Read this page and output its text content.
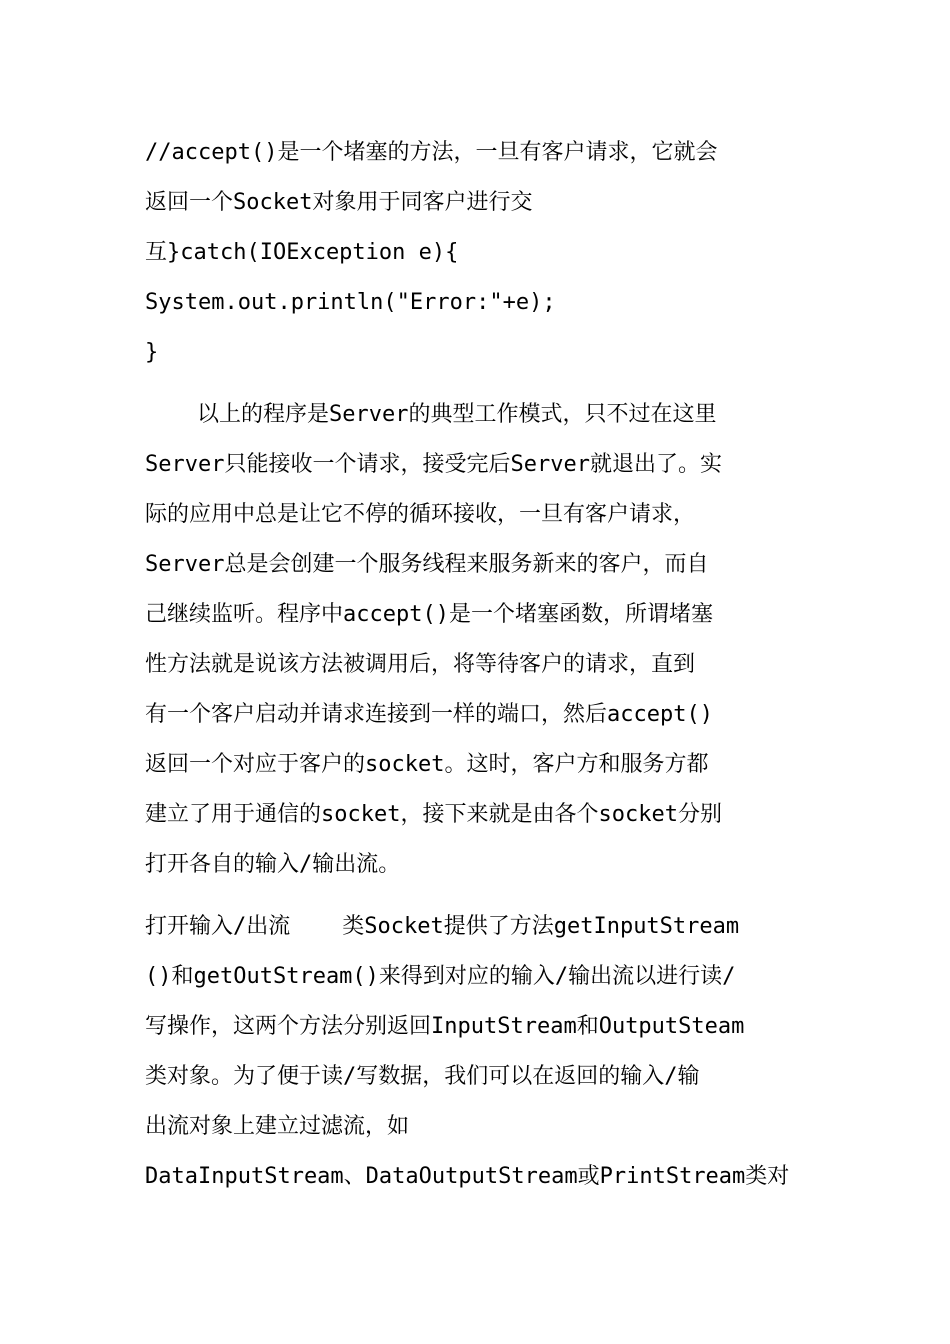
//accept()是一个堵塞的方法，一旦有客户请求，它就会
返回一个Socket对象用于同客户进行交
互}catch(IOException e){
System.out.println("Error:"+e);
}
以上的程序是Server的典型工作模式，只不过在这里
Server只能接收一个请求，接受完后Server就退出了。实
际的应用中总是让它不停的循环接收，一旦有客户请求，
Server总是会创建一个服务线程来服务新来的客户，而自
己继续监听。程序中accept()是一个堵塞函数，所谓堵塞
性方法就是说该方法被调用后，将等待客户的请求，直到
有一个客户启动并请求连接到一样的端口，然后accept()
返回一个对应于客户的socket。这时，客户方和服务方都
建立了用于通信的socket，接下来就是由各个socket分别
打开各自的输入/输出流。
打开输入/出流 类Socket提供了方法getInputStream
()和getOutStream()来得到对应的输入/输出流以进行读/
写操作，这两个方法分别返回InputStream和OutputSteam
类对象。为了便于读/写数据，我们可以在返回的输入/输
出流对象上建立过滤流，如
DataInputStream、DataOutputStream或PrintStream类对
